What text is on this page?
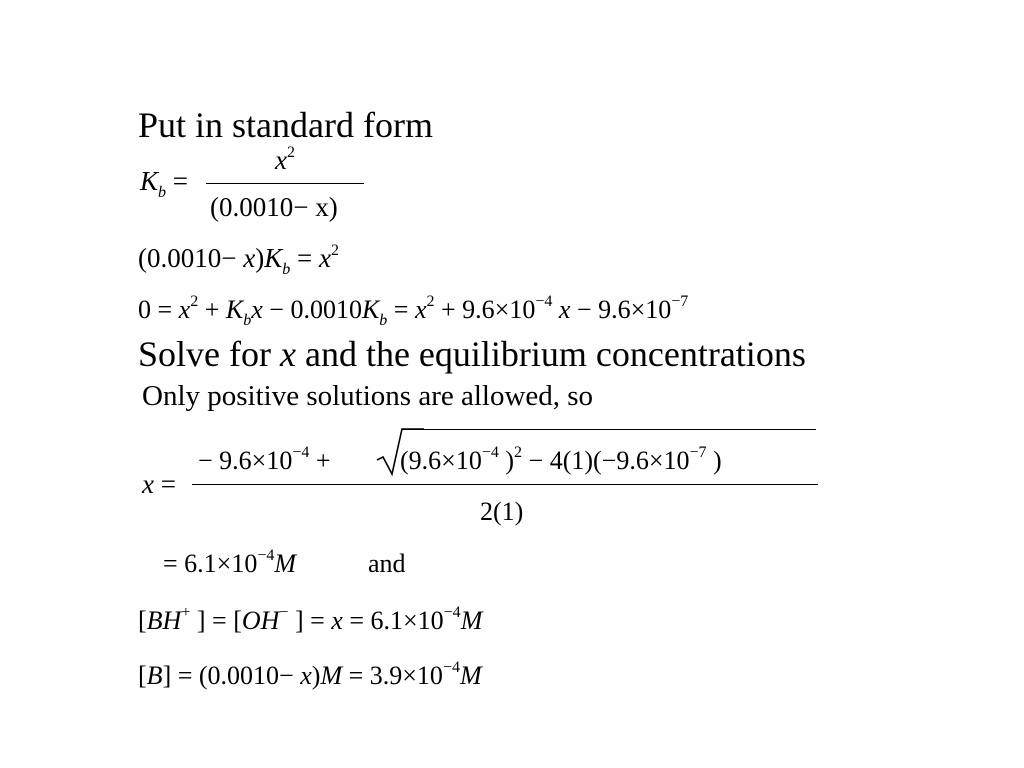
Put in standard form
$K_b$ =
$x^2$
(0.0010− x)
$(0.0010- x)K_b = x^2$
$0 = x^2 + K_bx - 0.0010K_b = x^2 + 9.6\times 10^{-4}$ $x - 9.6\times 10^{-7}$
Solve for x and the equilibrium concentrations
Only positive solutions are allowed, so
x =
− $9.6\times 10^{-4}$ +	($9.6\times 10^{-4}$ )$^2 - 4(1)(-9.6\times 10^{-7}$ )
2(1)
= $6.1\times 10^{-4}M$	and
[BH+ ] = [OH− ] = $x = 6.1\times 10^{-4}M$
$[B] = (0.0010- x)M = 3.9\times 10^{-4}M$
